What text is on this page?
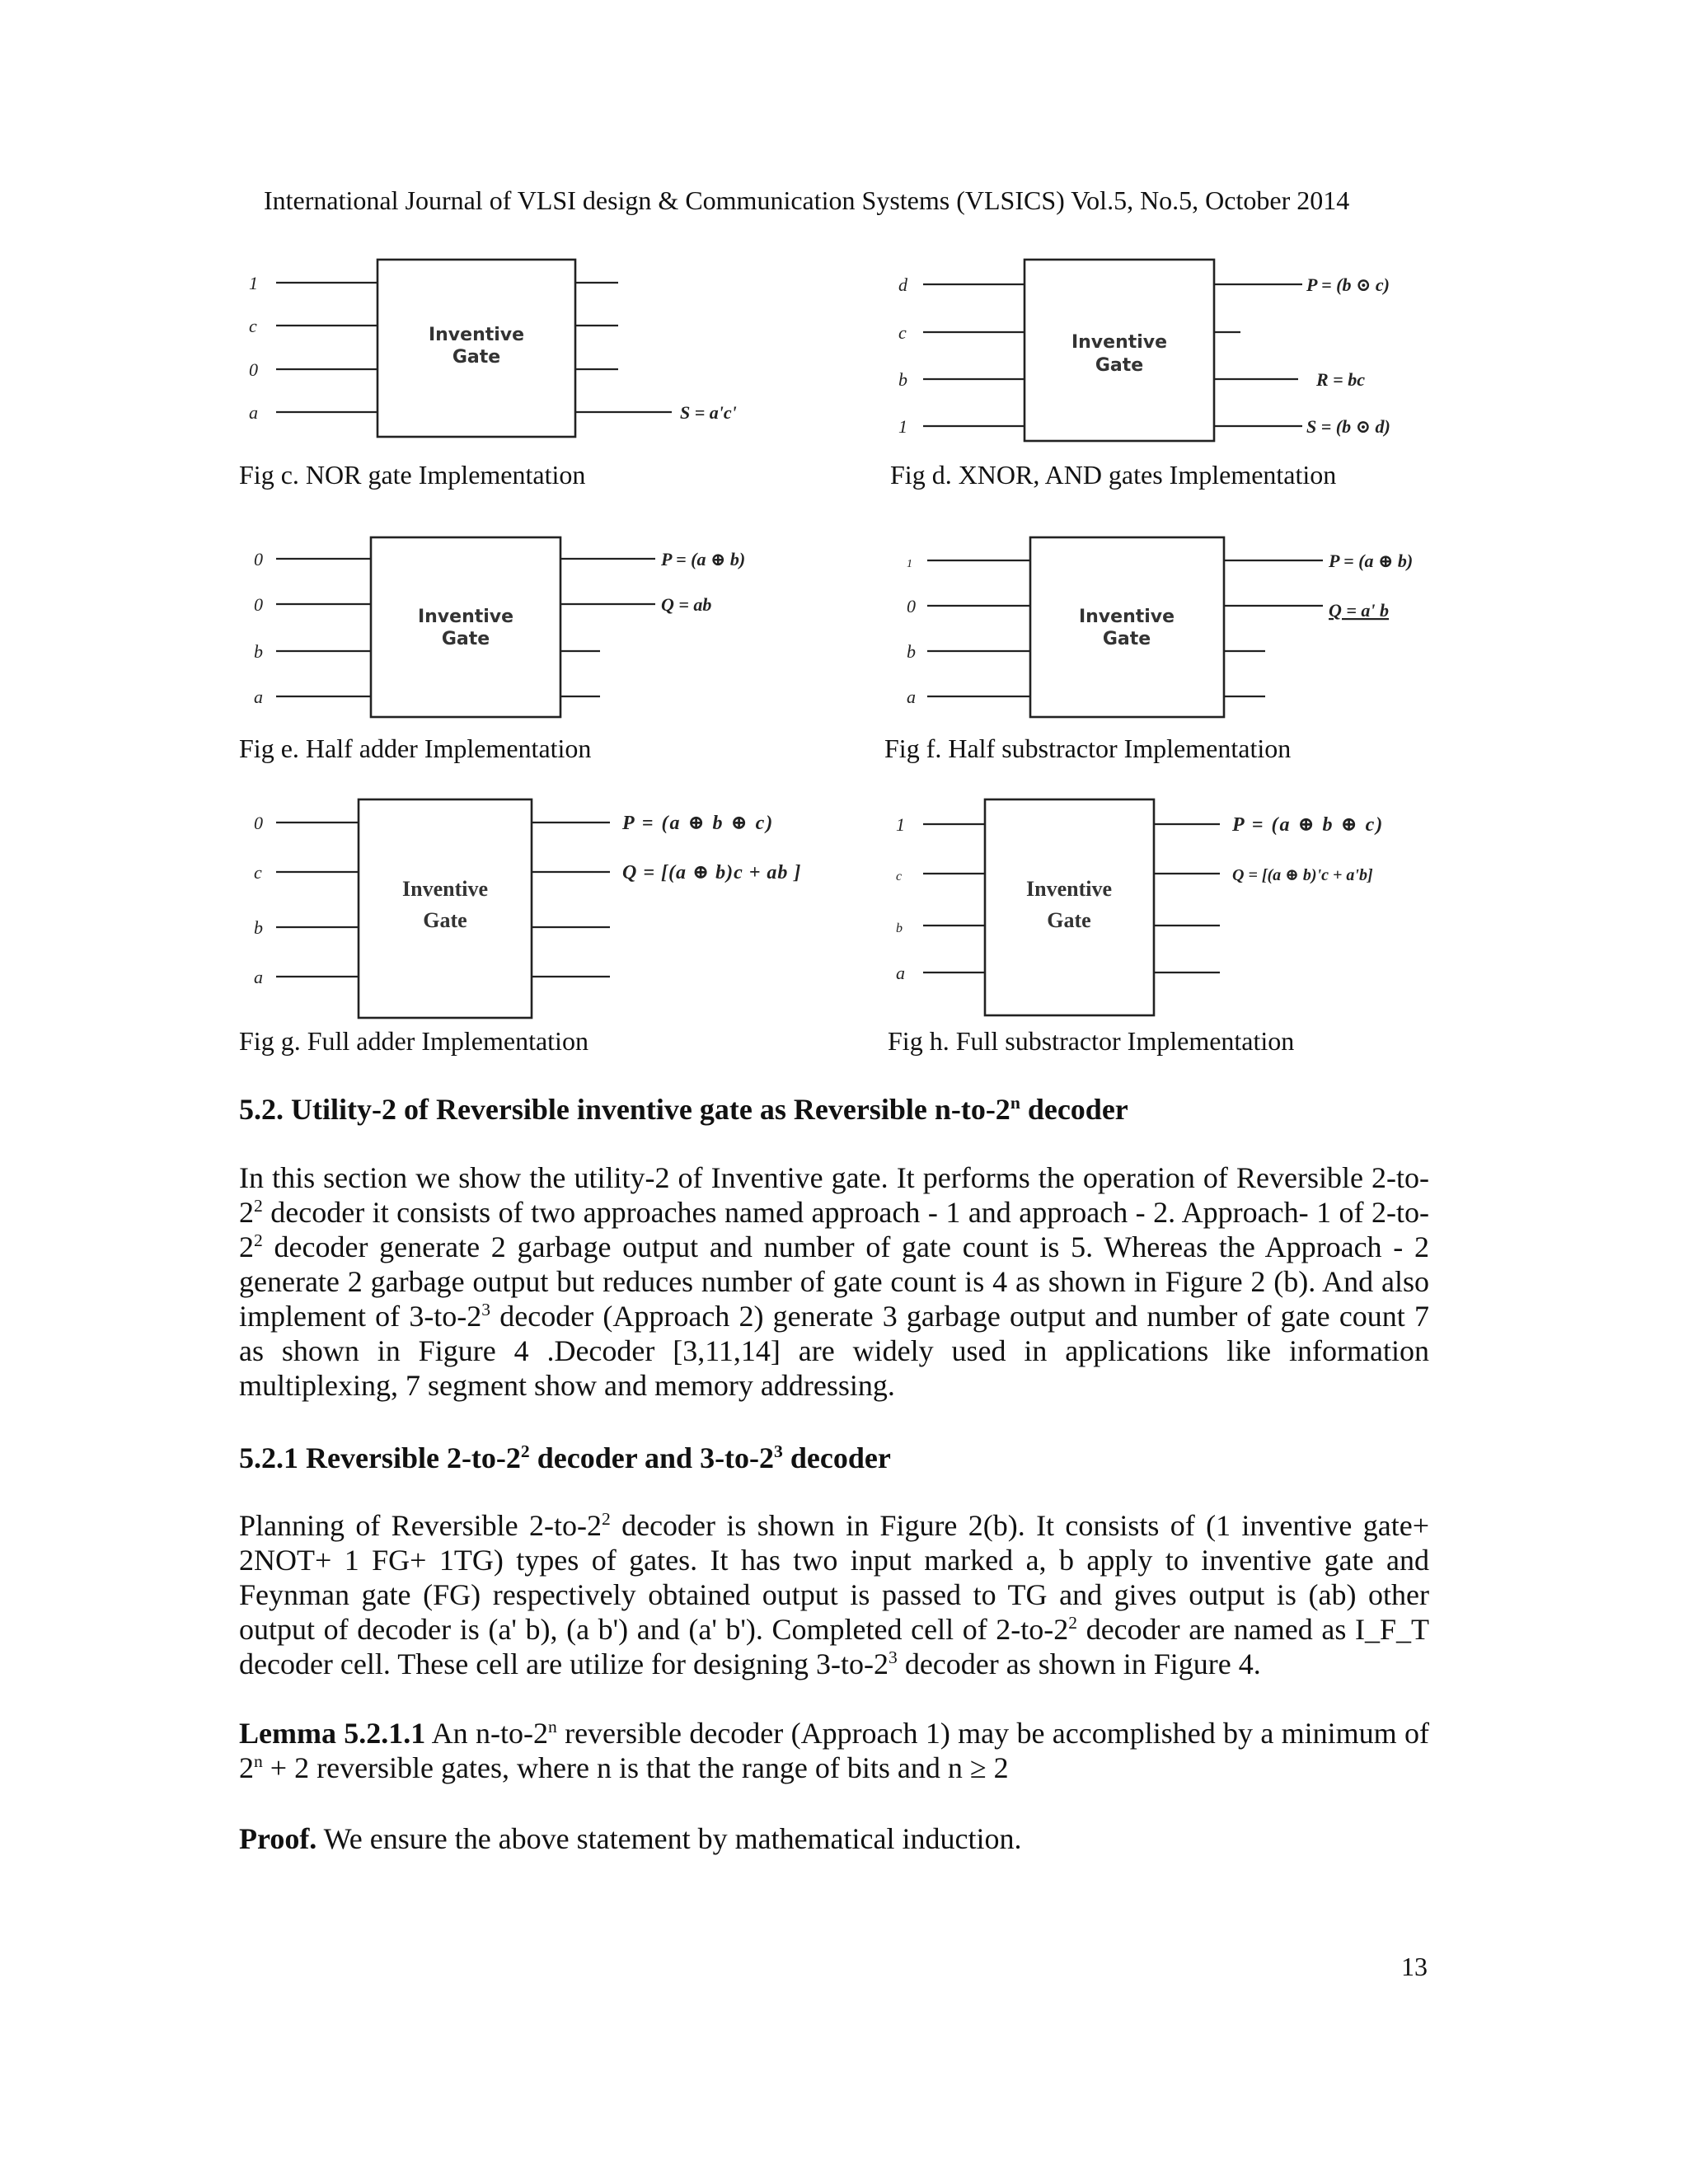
International Journal of VLSI design & Communication Systems (VLSICS) Vol.5, No.5, October 2014
1
c
0
a
Inventive
Gate
S = a'c'
Fig c. NOR gate Implementation
d
c
b
1
Inventive
Gate
P = (b ⊙ c)
R = bc
S = (b ⊙ d)
Fig d. XNOR, AND gates Implementation
0
0
b
a
Inventive
Gate
P = (a ⊕ b)
Q = ab
Fig e. Half adder Implementation
1
0
b
a
Inventive
Gate
P = (a ⊕ b)
Q = a' b
Fig f. Half substractor Implementation
0
c
b
a
Inventive
Gate
P = (a ⊕ b ⊕ c)
Q = [(a ⊕ b)c + ab ]
Fig g. Full adder Implementation
1
c
b
a
Inventive
Gate
P = (a ⊕ b ⊕ c)
Q = [(a ⊕ b)'c + a'b]
Fig h. Full substractor Implementation
5.2. Utility-2 of Reversible inventive gate as Reversible n-to-2$^n$ decoder

In this section we show the utility-2 of Inventive gate. It performs the operation of Reversible $2-to-2^2$ decoder it consists of two approaches named approach - 1 and approach - 2. Approach- 1 of $2-to-2^2$ decoder generate 2 garbage output and number of gate count is 5. Whereas the Approach - 2 generate 2 garbage output but reduces number of gate count is 4 as shown in Figure 2 (b). And also implement of $3-to-2^3$ decoder (Approach 2) generate 3 garbage output and number of gate count 7 as shown in Figure 4 .Decoder [3,11,14] are widely used in applications like information multiplexing, 7 segment show and memory addressing.

5.2.1 Reversible $2-to-2^2$ decoder and $3-to-2^3$ decoder

Planning of Reversible $2-to-2^2$ decoder is shown in Figure 2(b). It consists of (1 inventive gate+ 2NOT+ 1 FG+ 1TG) types of gates. It has two input marked a, b apply to inventive gate and Feynman gate (FG) respectively obtained output is passed to TG and gives output is (ab) other output of decoder is (a' b), (a b') and (a' b'). Completed cell of $2-to-2^2$ decoder are named as I_F_T decoder cell. These cell are utilize for designing $3-to-2^3$ decoder as shown in Figure 4.

Lemma 5.2.1.1 An n-to-2$^n$ reversible decoder (Approach 1) may be accomplished by a minimum of $2^n + 2$ reversible gates, where n is that the range of bits and n ≥ 2

Proof. We ensure the above statement by mathematical induction.

13
